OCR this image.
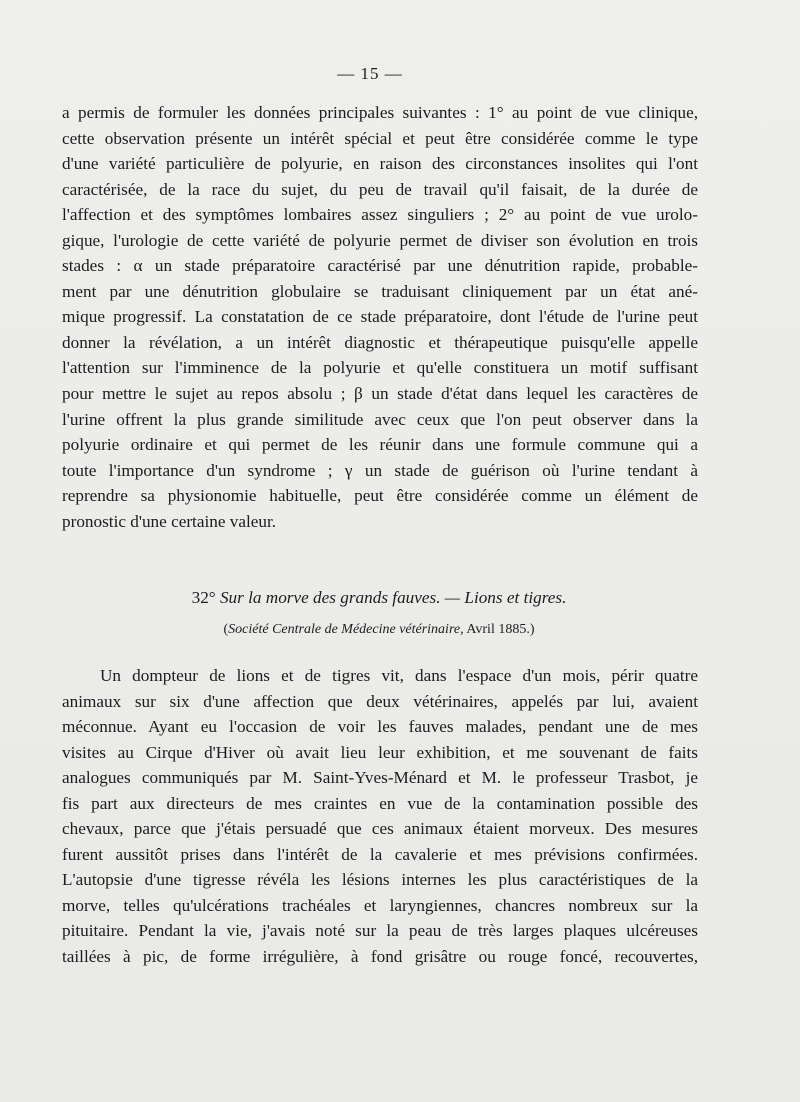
— 15 —
a permis de formuler les données principales suivantes : 1° au point de vue clinique,
cette observation présente un intérêt spécial et peut être considérée comme le type
d'une variété particulière de polyurie, en raison des circonstances insolites qui l'ont
caractérisée, de la race du sujet, du peu de travail qu'il faisait, de la durée de
l'affection et des symptômes lombaires assez singuliers ; 2° au point de vue urolo-
gique, l'urologie de cette variété de polyurie permet de diviser son évolution en trois
stades : α un stade préparatoire caractérisé par une dénutrition rapide, probable-
ment par une dénutrition globulaire se traduisant cliniquement par un état ané-
mique progressif. La constatation de ce stade préparatoire, dont l'étude de l'urine peut
donner la révélation, a un intérêt diagnostic et thérapeutique puisqu'elle appelle
l'attention sur l'imminence de la polyurie et qu'elle constituera un motif suffisant
pour mettre le sujet au repos absolu ; β un stade d'état dans lequel les caractères de
l'urine offrent la plus grande similitude avec ceux que l'on peut observer dans la
polyurie ordinaire et qui permet de les réunir dans une formule commune qui a
toute l'importance d'un syndrome ; γ un stade de guérison où l'urine tendant à
reprendre sa physionomie habituelle, peut être considérée comme un élément de
pronostic d'une certaine valeur.
32° Sur la morve des grands fauves. — Lions et tigres.
(Société Centrale de Médecine vétérinaire, Avril 1885.)
Un dompteur de lions et de tigres vit, dans l'espace d'un mois, périr quatre
animaux sur six d'une affection que deux vétérinaires, appelés par lui, avaient
méconnue. Ayant eu l'occasion de voir les fauves malades, pendant une de mes
visites au Cirque d'Hiver où avait lieu leur exhibition, et me souvenant de faits
analogues communiqués par M. Saint-Yves-Ménard et M. le professeur Trasbot, je
fis part aux directeurs de mes craintes en vue de la contamination possible des
chevaux, parce que j'étais persuadé que ces animaux étaient morveux. Des mesures
furent aussitôt prises dans l'intérêt de la cavalerie et mes prévisions confirmées.
L'autopsie d'une tigresse révéla les lésions internes les plus caractéristiques de la
morve, telles qu'ulcérations trachéales et laryngiennes, chancres nombreux sur la
pituitaire. Pendant la vie, j'avais noté sur la peau de très larges plaques ulcéreuses
taillées à pic, de forme irrégulière, à fond grisâtre ou rouge foncé, recouvertes,
